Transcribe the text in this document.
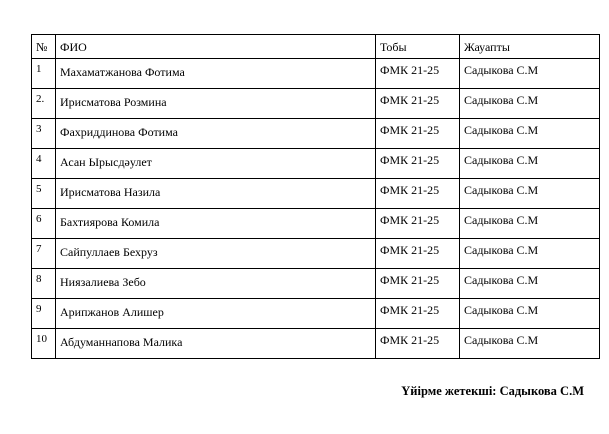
№	ФИО	Тобы	Жауапты
1	Махаматжанова Фотима	ФМК 21-25	Садыкова С.М
2.	Ирисматова Розмина	ФМК 21-25	Садыкова С.М
3	Фахриддинова Фотима	ФМК 21-25	Садыкова С.М
4	Асан Ырысдәулет	ФМК 21-25	Садыкова С.М
5	Ирисматова Назила	ФМК 21-25	Садыкова С.М
6	Бахтиярова Комила	ФМК 21-25	Садыкова С.М
7	Сайпуллаев Бехруз	ФМК 21-25	Садыкова С.М
8	Ниязалиева Зебо	ФМК 21-25	Садыкова С.М
9	Арипжанов Алишер	ФМК 21-25	Садыкова С.М
10	Абдуманнапова Малика	ФМК 21-25	Садыкова С.М
Үйірме жетекші: Садыкова С.М
